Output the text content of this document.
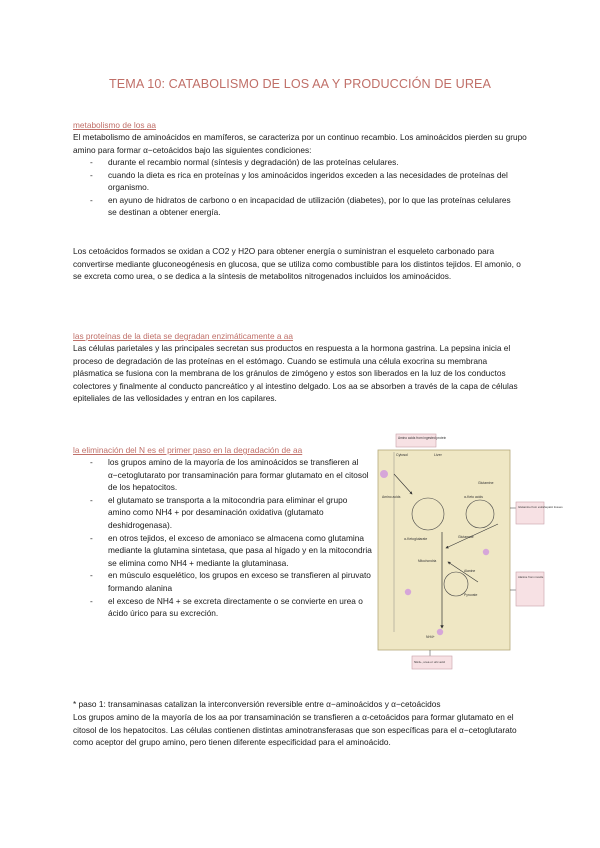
TEMA 10: CATABOLISMO DE LOS AA Y PRODUCCIÓN DE UREA
metabolismo de los aa

El metabolismo de aminoácidos en mamíferos, se caracteriza por un continuo recambio. Los aminoácidos pierden su grupo amino para formar α−cetoácidos bajo las siguientes condiciones:

- durante el recambio normal (síntesis y degradación) de las proteínas celulares.
- cuando la dieta es rica en proteínas y los aminoácidos ingeridos exceden a las necesidades de proteínas del organismo.
- en ayuno de hidratos de carbono o en incapacidad de utilización (diabetes), por lo que las proteínas celulares se destinan a obtener energía.

Los cetoácidos formados se oxidan a CO2 y H2O para obtener energía o suministran el esqueleto carbonado para convertirse mediante gluconeogénesis en glucosa, que se utiliza como combustible para los distintos tejidos. El amonio, o se excreta como urea, o se dedica a la síntesis de metabolitos nitrogenados incluidos los aminoácidos.

las proteínas de la dieta se degradan enzimáticamente a aa

Las células parietales y las principales secretan sus productos en respuesta a la hormona gastrina. La pepsina inicia el proceso de degradación de las proteínas en el estómago. Cuando se estimula una célula exocrina su membrana plásmatica se fusiona con la membrana de los gránulos de zimógeno y estos son liberados en la luz de los conductos colectores y finalmente al conducto pancreático y al intestino delgado. Los aa se absorben a través de la capa de células epiteliales de las vellosidades y entran en los capilares.

la eliminación del N es el primer paso en la degradación de aa
- los grupos amino de la mayoría de los aminoácidos se transfieren al α−cetoglutarato por transaminación para formar glutamato en el citosol de los hepatocitos.
- el glutamato se transporta a la mitocondria para eliminar el grupo amino como NH4 + por desaminación oxidativa (glutamato deshidrogenasa).
- en otros tejidos, el exceso de amoniaco se almacena como glutamina mediante la glutamina sintetasa, que pasa al hígado y en la mitocondria se elimina como NH4 + mediante la glutaminasa.
- en músculo esquelético, los grupos en exceso se transfieren al piruvato formando alanina
- el exceso de NH4 + se excreta directamente o se convierte en urea o ácido úrico para su excreción.
Amino acids from ingested protein
Cytosol	Liver
Amino acids
α-Ketoglutarate
α-Keto acids
Glutamate
Glutamine
Alanine
Pyruvate
NH4+
Mitochondria
Glutamine from extrahepatic tissues
Alanine from muscle
NH4+, urea or uric acid

* paso 1: transaminasas catalizan la interconversión reversible entre α−aminoácidos y α−cetoácidos

Los grupos amino de la mayoría de los aa por transaminación se transfieren a α-cetoácidos para formar glutamato en el citosol de los hepatocitos. Las células contienen distintas aminotransferasas que son específicas para el α−cetoglutarato como aceptor del grupo amino, pero tienen diferente especificidad para el aminoácido.
